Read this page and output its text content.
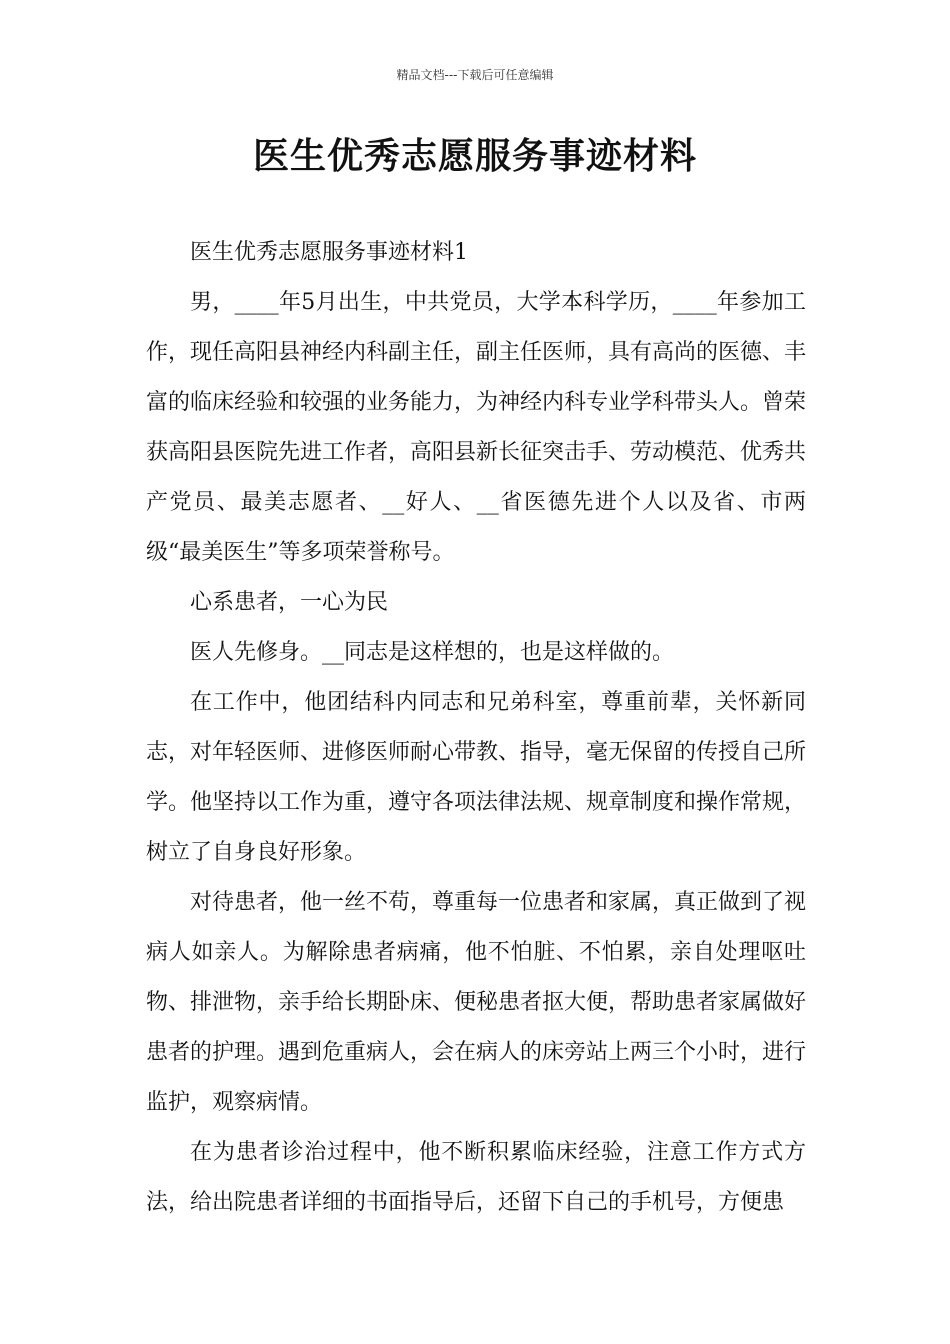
精品文档---下载后可任意编辑
医生优秀志愿服务事迹材料

医生优秀志愿服务事迹材料1

男，____年5月出生，中共党员，大学本科学历，____年参加工作，现任高阳县神经内科副主任，副主任医师，具有高尚的医德、丰富的临床经验和较强的业务能力，为神经内科专业学科带头人。曾荣获高阳县医院先进工作者，高阳县新长征突击手、劳动模范、优秀共产党员、最美志愿者、__好人、__省医德先进个人以及省、市两级“最美医生”等多项荣誉称号。

心系患者，一心为民

医人先修身。__同志是这样想的，也是这样做的。

在工作中，他团结科内同志和兄弟科室，尊重前辈，关怀新同志，对年轻医师、进修医师耐心带教、指导，毫无保留的传授自己所学。他坚持以工作为重，遵守各项法律法规、规章制度和操作常规，树立了自身良好形象。

对待患者，他一丝不苟，尊重每一位患者和家属，真正做到了视病人如亲人。为解除患者病痛，他不怕脏、不怕累，亲自处理呕吐物、排泄物，亲手给长期卧床、便秘患者抠大便，帮助患者家属做好患者的护理。遇到危重病人，会在病人的床旁站上两三个小时，进行监护，观察病情。

在为患者诊治过程中，他不断积累临床经验，注意工作方式方法，给出院患者详细的书面指导后，还留下自己的手机号，方便患
